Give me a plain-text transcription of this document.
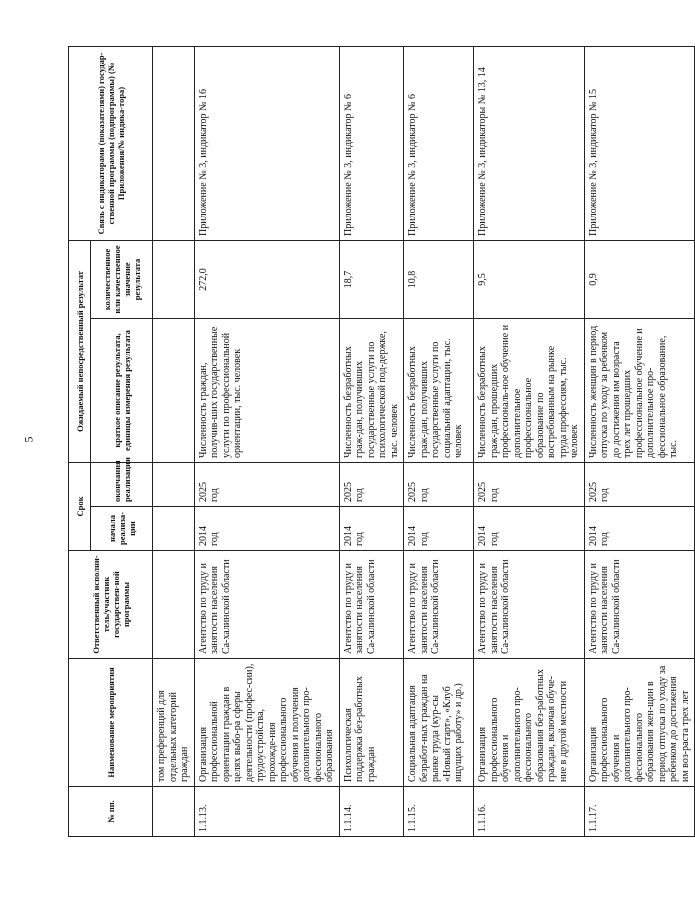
5
№ пп.	Наименование мероприятия	Ответственный исполни-тель/участник государствен-ной программы	Срок		Ожидаемый непосредственный результат		Связь с индикаторами (показателями) государ-ственной программы (подпрограммы) (№ Приложения/№ индика-тора)
			начала реализа-ции	окончания реализации	краткое описание результата, единицы измерения результата	количественное или качественное значение результата	
	том преференций для отдельных категорий граждан						
1.1.13.	Организация профессиональной ориентации граждан в целях выбо-ра сферы деятельности (профес-сии), трудоустройства, прохожде-ния профессионального обучения и получения дополнительного про-фессионального образования	Агентство по труду и занятости населения Са-халинской области	2014 год	2025 год	Численность граждан, получив-ших государственные услуги по профессиональной ориентации, тыс. человек	272,0	Приложение № 3, индикатор № 16
1.1.14.	Психологическая поддержка без-работных граждан	Агентство по труду и занятости населения Са-халинской области	2014 год	2025 год	Численность безработных граж-дан, получивших государственные услуги по психологической под-держке, тыс. человек	18,7	Приложение № 3, индикатор № 6
1.1.15.	Социальная адаптация безработ-ных граждан на рынке труда (кур-сы «Новый старт», «Клуб ищущих работу» и др.)	Агентство по труду и занятости населения Са-халинской области	2014 год	2025 год	Численность безработных граж-дан, получивших государственные услуги по социальной адаптации, тыс. человек	10,8	Приложение № 3, индикатор № 6
1.1.16.	Организация профессионального обучения и дополнительного про-фессионального образования без-работных граждан, включая обуче-ние в другой местности	Агентство по труду и занятости населения Са-халинской области	2014 год	2025 год	Численность безработных граж-дан, прошедших профессиональ-ное обучение и дополнительное профессиональное образование по востребованным на рынке труда профессиям, тыс. человек	9,5	Приложение № 3, индикаторы № 13, 14
1.1.17.	Организация профессионального обучения и дополнительного про-фессионального образования жен-щин в период отпуска по уходу за ребенком до достижения им воз-раста трех лет	Агентство по труду и занятости населения Са-халинской области	2014 год	2025 год	Численность женщин в период отпуска по уходу за ребенком до достижения им возраста трех лет прошедших профессиональное обучение и дополнительное про-фессиональное образование, тыс.	0,9	Приложение № 3, индикатор № 15
